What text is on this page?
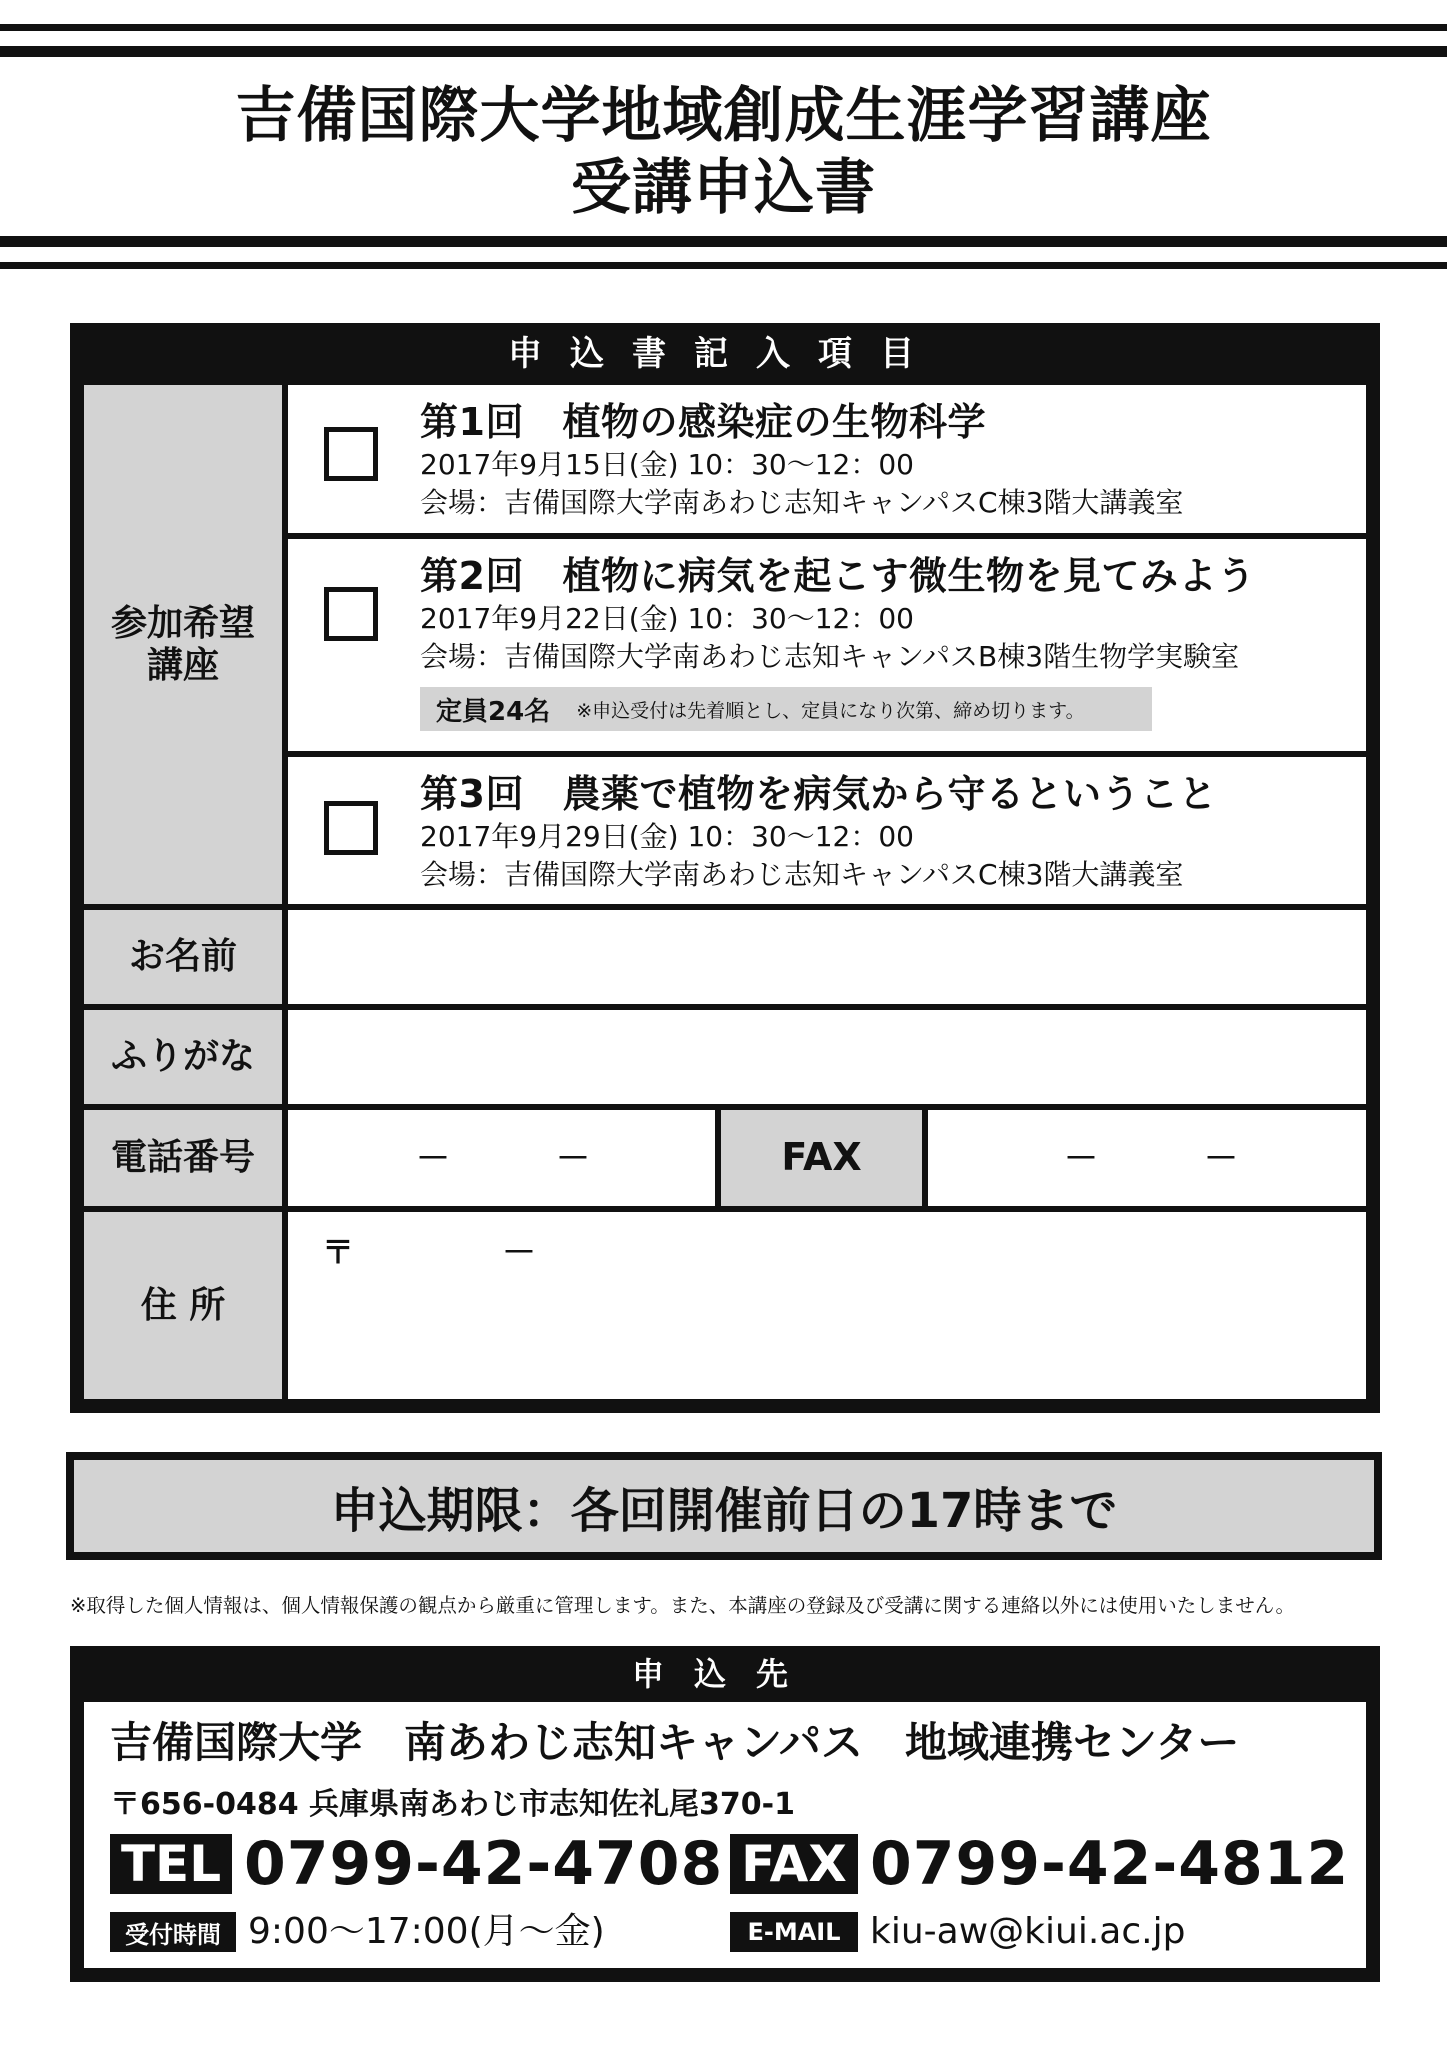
吉備国際大学地域創成生涯学習講座
受講申込書
申込書記入項目
参加希望講座
第1回　植物の感染症の生物科学
2017年9月15日(金) 10：30～12：00
会場：吉備国際大学南あわじ志知キャンパスC棟3階大講義室
第2回　植物に病気を起こす微生物を見てみよう
2017年9月22日(金) 10：30～12：00
会場：吉備国際大学南あわじ志知キャンパスB棟3階生物学実験室
定員24名 ※申込受付は先着順とし、定員になり次第、締め切ります。
第3回　農薬で植物を病気から守るということ
2017年9月29日(金) 10：30～12：00
会場：吉備国際大学南あわじ志知キャンパスC棟3階大講義室
お名前
ふりがな
電話番号	－	－	FAX	－	－
住 所
〒	－
申込期限：各回開催前日の17時まで
※取得した個人情報は、個人情報保護の観点から厳重に管理します。また、本講座の登録及び受講に関する連絡以外には使用いたしません。
申込先
吉備国際大学　南あわじ志知キャンパス　地域連携センター
〒656-0484 兵庫県南あわじ市志知佐礼尾370-1
TEL 0799-42-4708 FAX 0799-42-4812
受付時間 9:00～17:00(月～金)	E-MAIL kiu-aw@kiui.ac.jp
